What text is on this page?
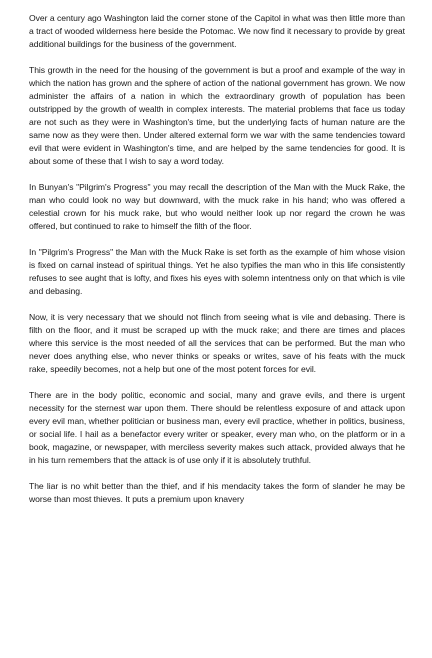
Over a century ago Washington laid the corner stone of the Capitol in what was then little more than a tract of wooded wilderness here beside the Potomac. We now find it necessary to provide by great additional buildings for the business of the government.

This growth in the need for the housing of the government is but a proof and example of the way in which the nation has grown and the sphere of action of the national government has grown. We now administer the affairs of a nation in which the extraordinary growth of population has been outstripped by the growth of wealth in complex interests. The material problems that face us today are not such as they were in Washington's time, but the underlying facts of human nature are the same now as they were then. Under altered external form we war with the same tendencies toward evil that were evident in Washington's time, and are helped by the same tendencies for good. It is about some of these that I wish to say a word today.

In Bunyan's "Pilgrim's Progress" you may recall the description of the Man with the Muck Rake, the man who could look no way but downward, with the muck rake in his hand; who was offered a celestial crown for his muck rake, but who would neither look up nor regard the crown he was offered, but continued to rake to himself the filth of the floor.

In "Pilgrim's Progress" the Man with the Muck Rake is set forth as the example of him whose vision is fixed on carnal instead of spiritual things. Yet he also typifies the man who in this life consistently refuses to see aught that is lofty, and fixes his eyes with solemn intentness only on that which is vile and debasing.

Now, it is very necessary that we should not flinch from seeing what is vile and debasing. There is filth on the floor, and it must be scraped up with the muck rake; and there are times and places where this service is the most needed of all the services that can be performed. But the man who never does anything else, who never thinks or speaks or writes, save of his feats with the muck rake, speedily becomes, not a help but one of the most potent forces for evil.

There are in the body politic, economic and social, many and grave evils, and there is urgent necessity for the sternest war upon them. There should be relentless exposure of and attack upon every evil man, whether politician or business man, every evil practice, whether in politics, business, or social life. I hail as a benefactor every writer or speaker, every man who, on the platform or in a book, magazine, or newspaper, with merciless severity makes such attack, provided always that he in his turn remembers that the attack is of use only if it is absolutely truthful.

The liar is no whit better than the thief, and if his mendacity takes the form of slander he may be worse than most thieves. It puts a premium upon knavery
